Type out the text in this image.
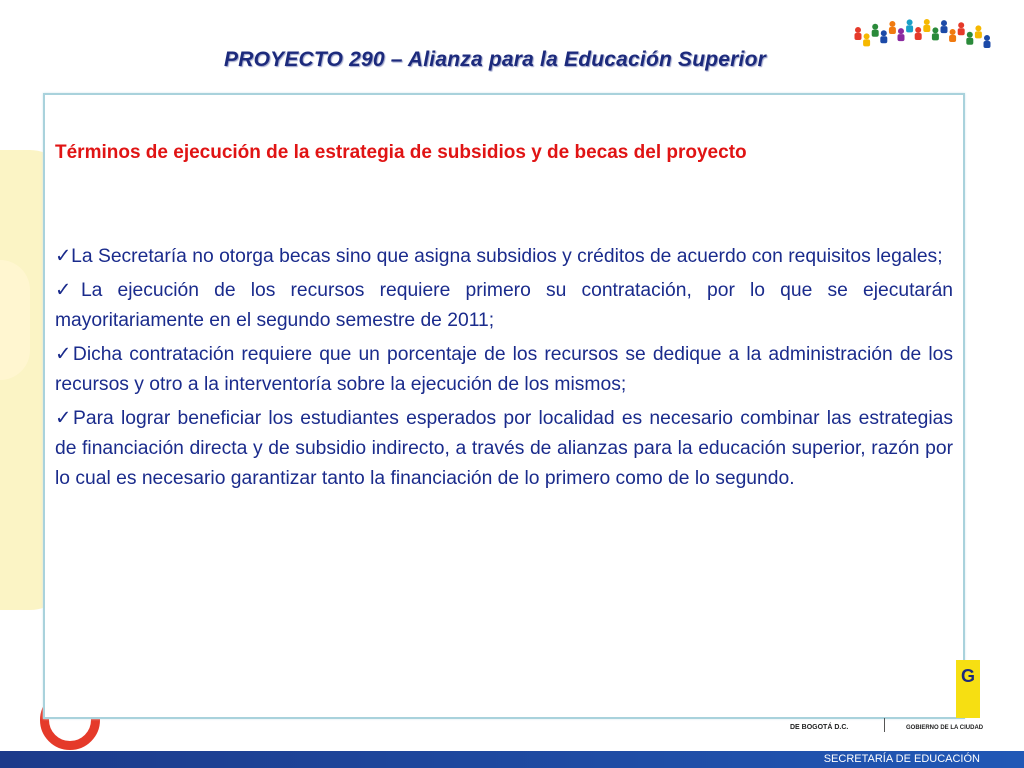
PROYECTO 290 – Alianza para la Educación Superior
Términos de ejecución de la estrategia de subsidios y de becas del proyecto

✓La Secretaría no otorga becas sino que asigna subsidios y créditos de acuerdo con requisitos legales;

✓La ejecución de los recursos requiere primero su contratación, por lo que se ejecutarán mayoritariamente en el segundo semestre de 2011;

✓Dicha contratación requiere que un porcentaje de los recursos se dedique a la administración de los recursos y otro a la interventoría sobre la ejecución de los mismos;

✓Para lograr beneficiar los estudiantes esperados por localidad es necesario combinar las estrategias de financiación directa y de subsidio indirecto, a través de alianzas para la educación superior, razón por lo cual es necesario garantizar tanto la financiación de lo primero como de lo segundo.

G
DE BOGOTÁ D.C.	GOBIERNO DE LA CIUDAD
SECRETARÍA DE EDUCACIÓN
